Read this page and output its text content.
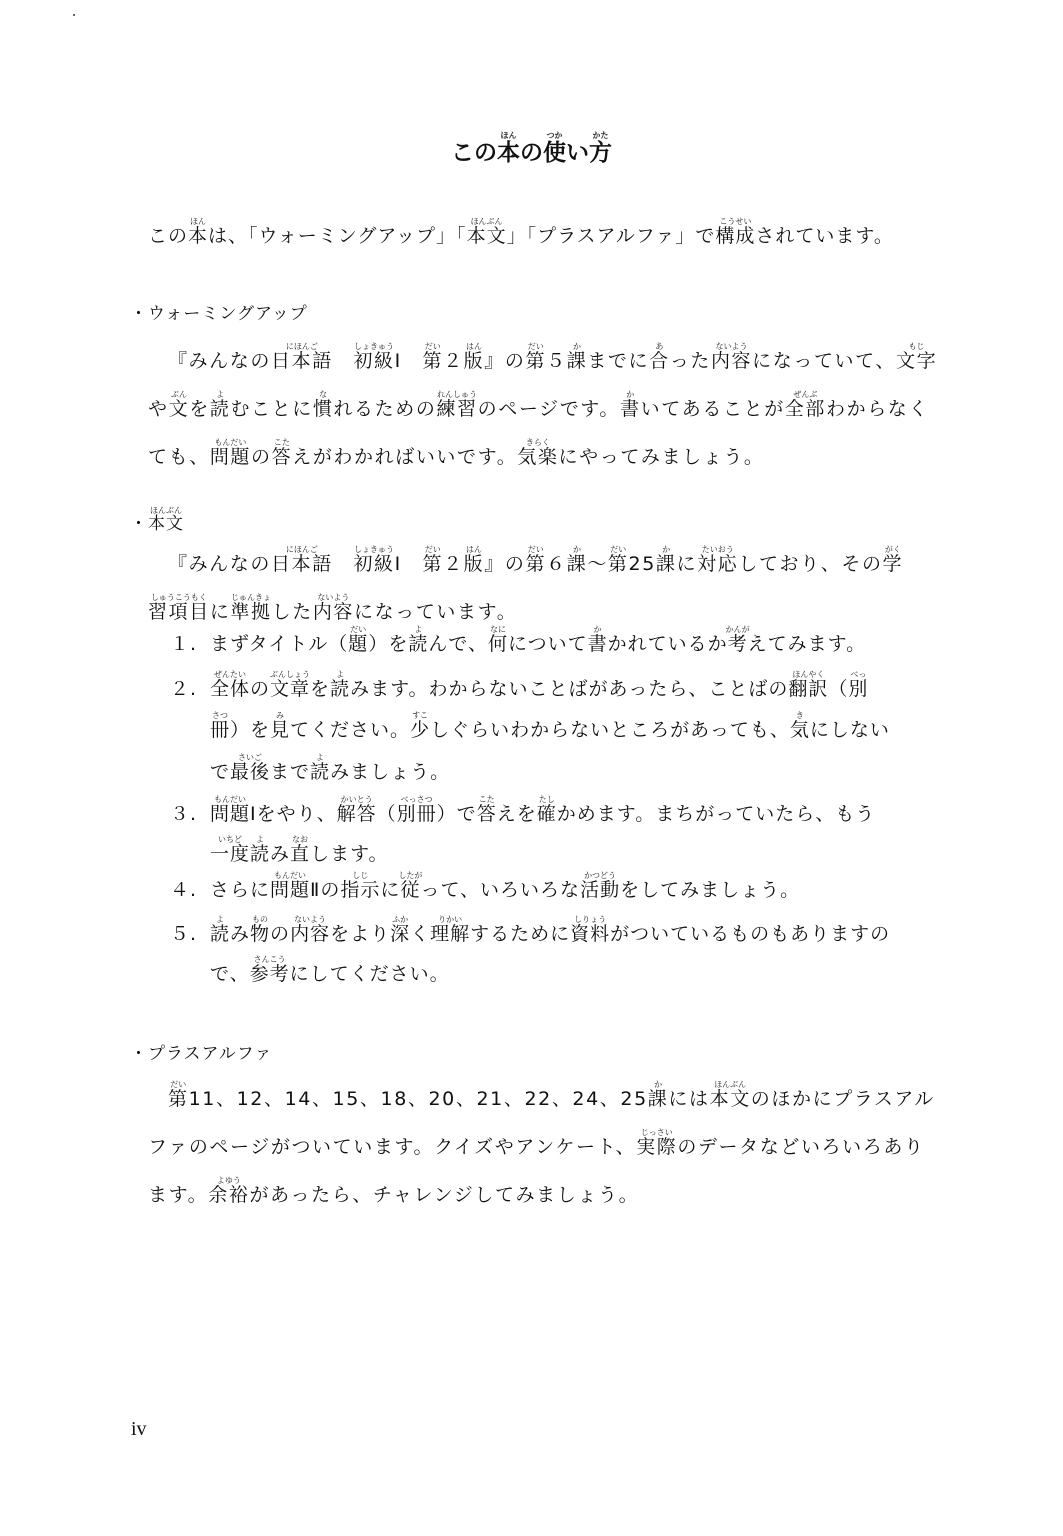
この本ほんの使つかい方かた
この本ほんは、「ウォーミングアップ」「本文ほんぶん」「プラスアルファ」で構成こうせいされています。
・ウォーミングアップ
『みんなの日本語にほんご　初級しょきゅうⅠ　第だい２版はん』の第だい５課かまでに合あった内容ないようになっていて、文字もじや文ぶんを読よむことに慣なれるための練習れんしゅうのページです。書かいてあることが全部ぜんぶわからなくても、問題もんだいの答こたえがわかればいいです。気楽きらくにやってみましょう。
・本文ほんぶん
『みんなの日本語にほんご　初級しょきゅうⅠ　第だい２版はん』の第だい６課か～第だい25課かに対応たいおうしており、その学がく習項目しゅうこうもくに準拠じゅんきょした内容ないようになっています。
１. まずタイトル（題だい）を読よんで、何なにについて書かかれているか考かんがえてみます。
２. 全体ぜんたいの文章ぶんしょうを読よみます。わからないことばがあったら、ことばの翻訳ほんやく（別べっ
冊さつ）を見みてください。少すこしぐらいわからないところがあっても、気きにしない
で最後さいごまで読よみましょう。
３. 問題もんだいⅠをやり、解答かいとう（別冊べっさつ）で答こたえを確たしかめます。まちがっていたら、もう
一度いちど読よみ直なおします。
４. さらに問題もんだいⅡの指示しじに従したがって、いろいろな活動かつどうをしてみましょう。
５. 読よみ物ものの内容ないようをより深ふかく理解りかいするために資料しりょうがついているものもありますの
で、参考さんこうにしてください。
・プラスアルファ
第だい11、12、14、15、18、20、21、22、24、25課かには本文ほんぶんのほかにプラスアルファのページがついています。クイズやアンケート、実際じっさいのデータなどいろいろあります。余裕よゆうがあったら、チャレンジしてみましょう。
iv
